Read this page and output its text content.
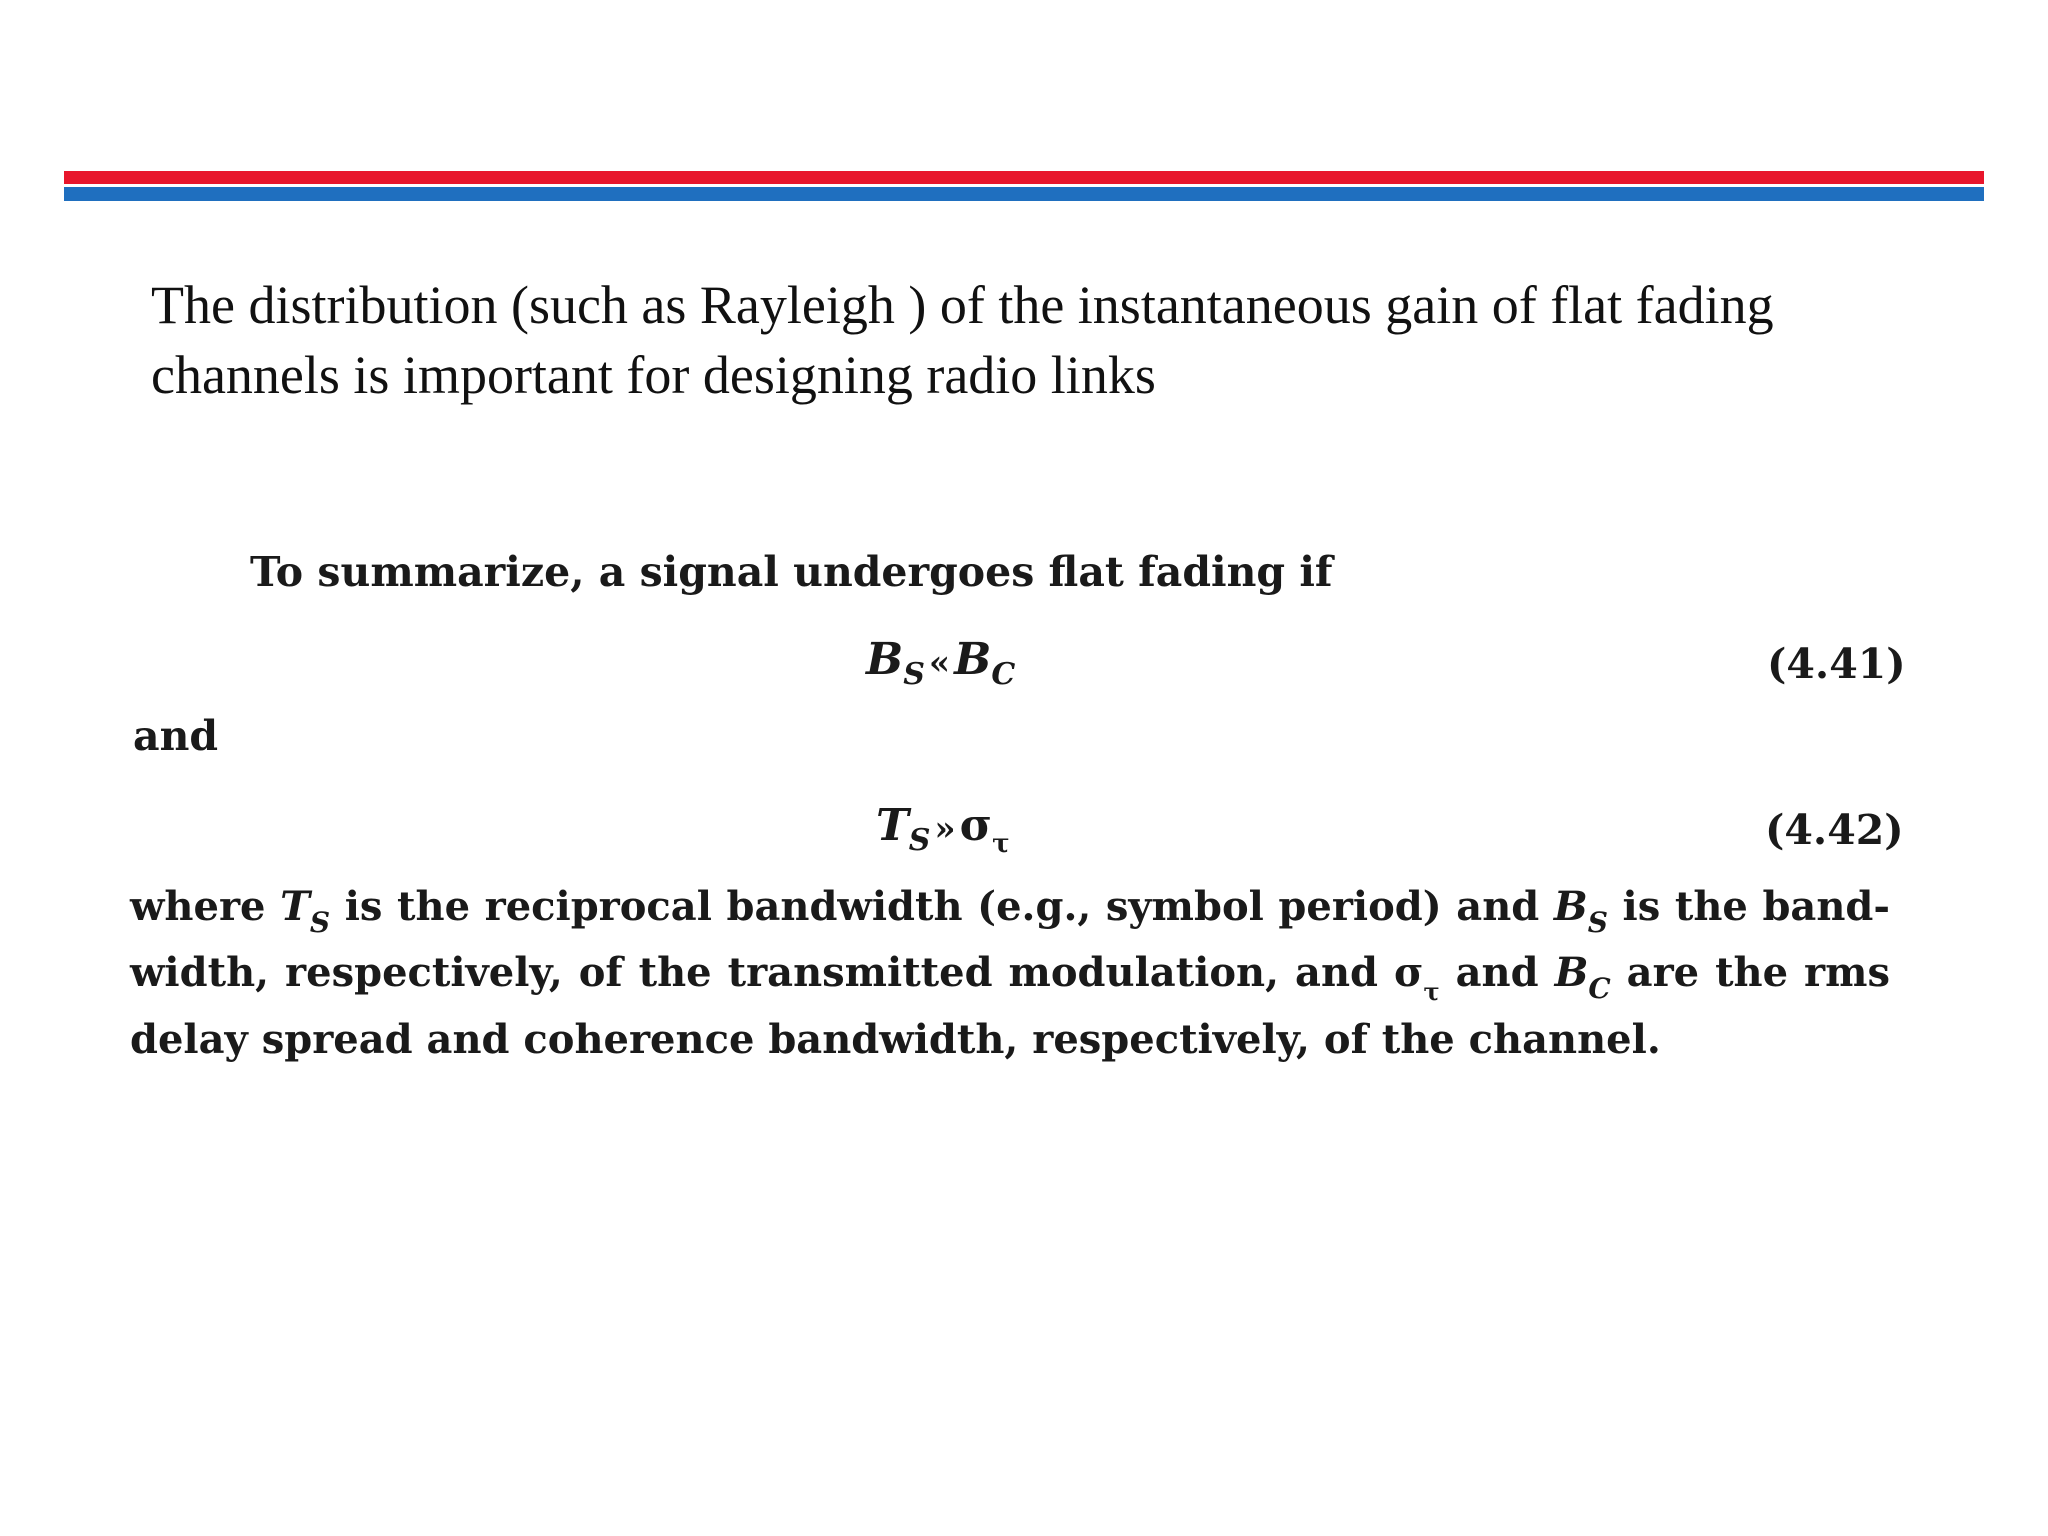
The distribution (such as Rayleigh ) of the instantaneous gain of flat fading channels is important for designing radio links
To summarize, a signal undergoes flat fading if
$B_S$ «$B_C$	(4.41)
and
$T_S$ $»\sigma_\tau$	(4.42)
where $T_S$ is the reciprocal bandwidth (e.g., symbol period) and $B_S$ is the band-width, respectively, of the transmitted modulation, and $\sigma_\tau$ and $B_C$ are the rms delay spread and coherence bandwidth, respectively, of the channel.
